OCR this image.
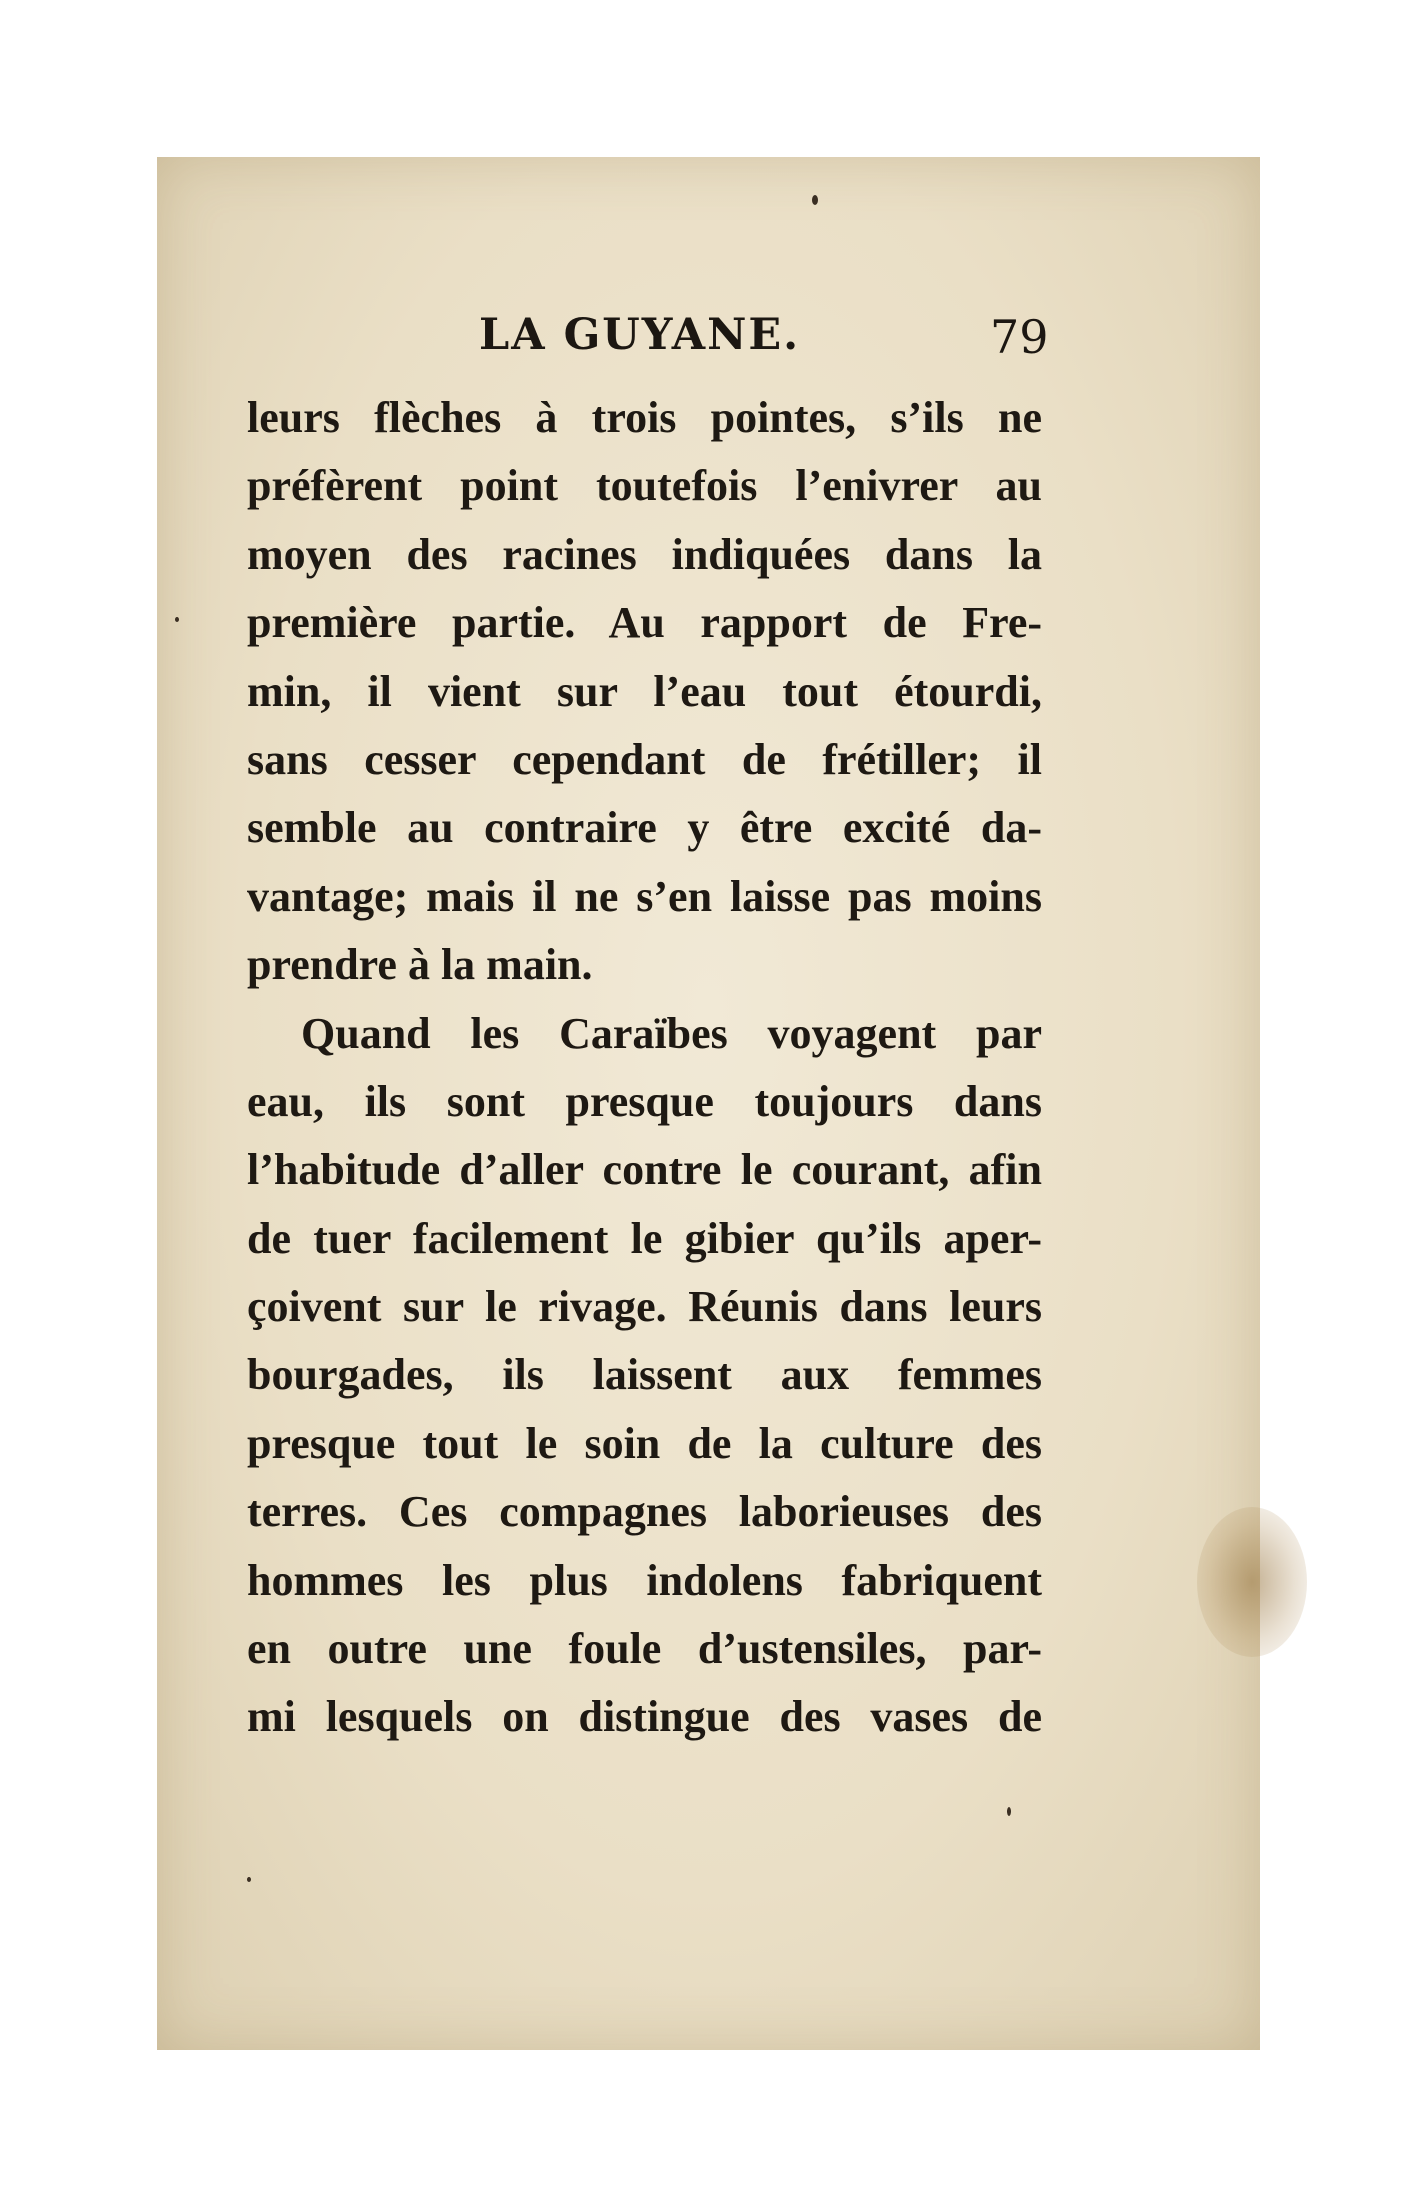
LA GUYANE.	79
leurs flèches à trois pointes, s’ils ne
préfèrent point toutefois l’enivrer au
moyen des racines indiquées dans la
première partie. Au rapport de Fre-
min, il vient sur l’eau tout étourdi,
sans cesser cependant de frétiller; il
semble au contraire y être excité da-
vantage; mais il ne s’en laisse pas moins
prendre à la main.
Quand les Caraïbes voyagent par
eau, ils sont presque toujours dans
l’habitude d’aller contre le courant, afin
de tuer facilement le gibier qu’ils aper-
çoivent sur le rivage. Réunis dans leurs
bourgades, ils laissent aux femmes
presque tout le soin de la culture des
terres. Ces compagnes laborieuses des
hommes les plus indolens fabriquent
en outre une foule d’ustensiles, par-
mi lesquels on distingue des vases de
